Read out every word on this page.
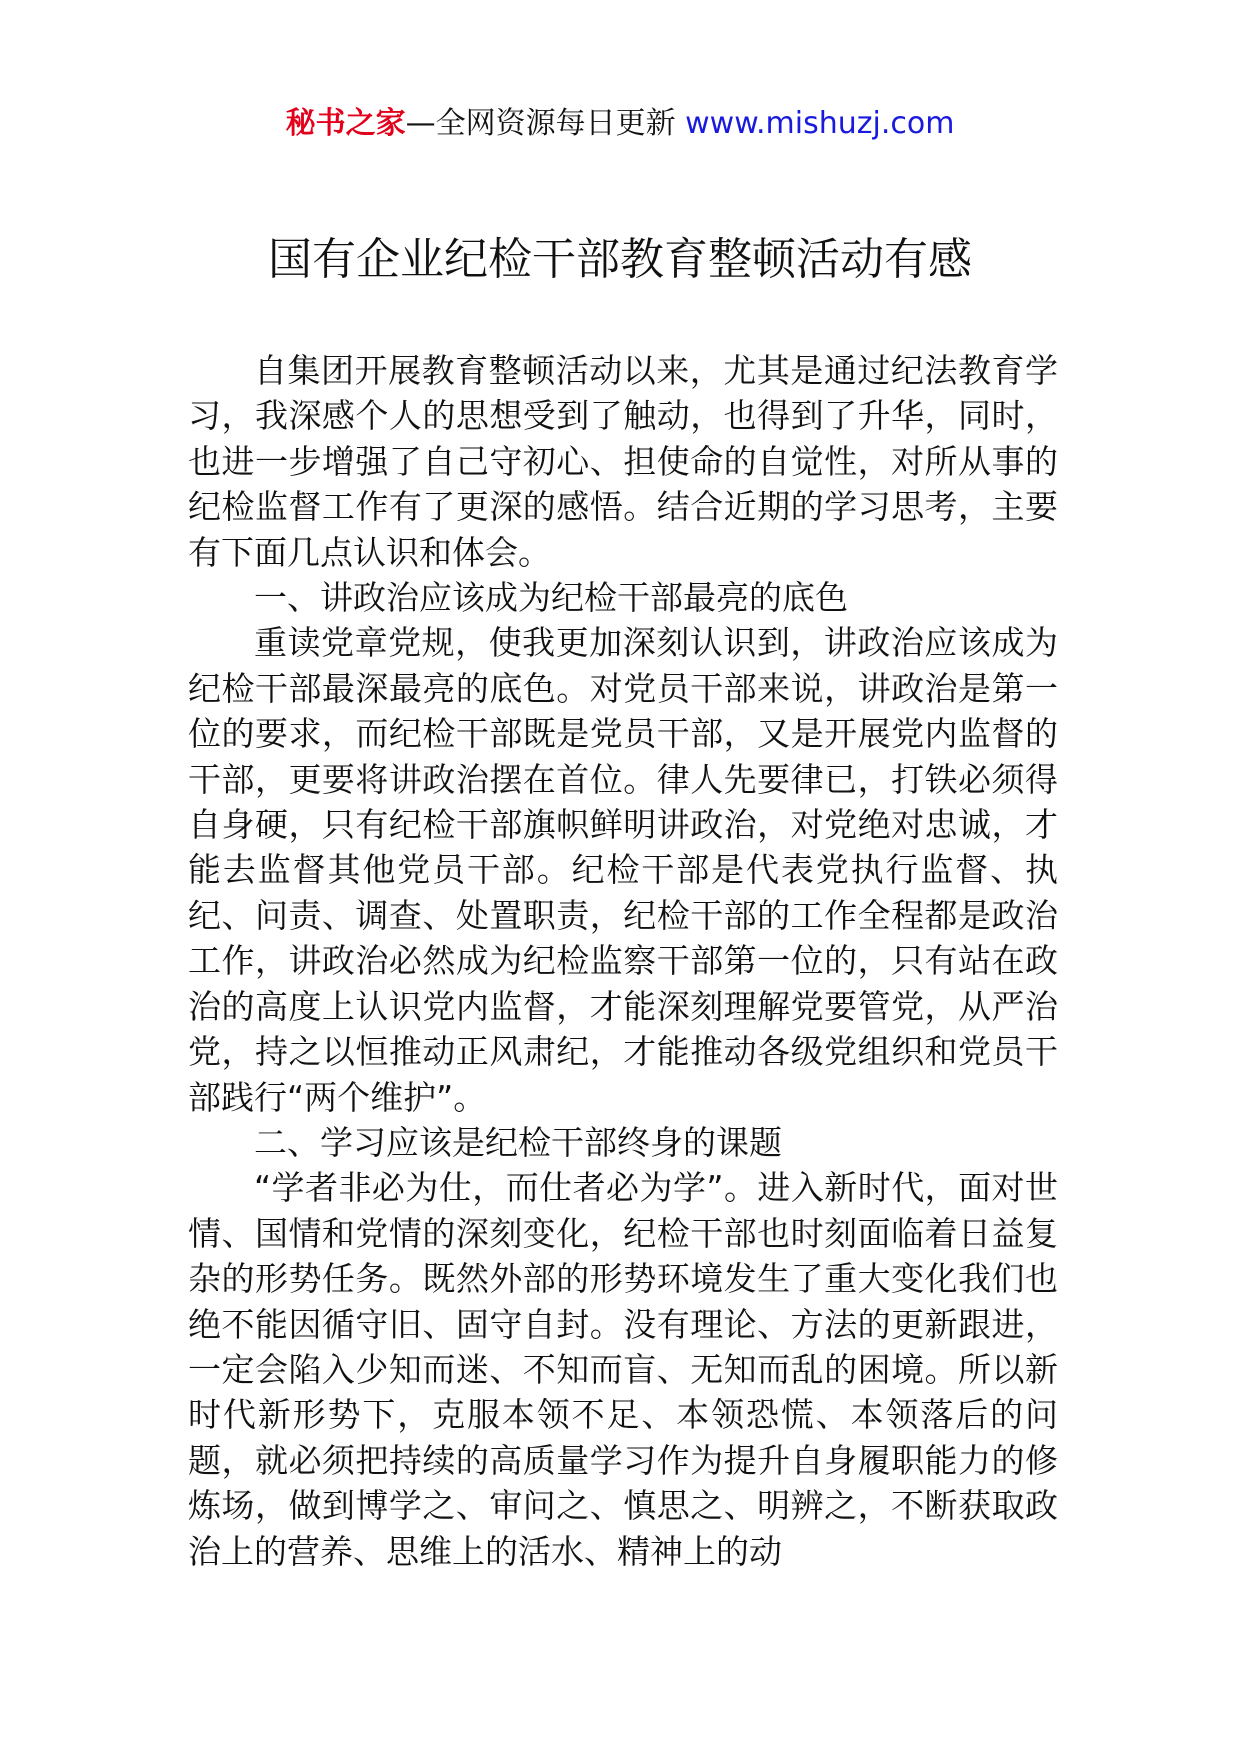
秘书之家—全网资源每日更新 www.mishuzj.com
国有企业纪检干部教育整顿活动有感

自集团开展教育整顿活动以来，尤其是通过纪法教育学习，我深感个人的思想受到了触动，也得到了升华，同时，也进一步增强了自己守初心、担使命的自觉性，对所从事的纪检监督工作有了更深的感悟。结合近期的学习思考，主要有下面几点认识和体会。

一、讲政治应该成为纪检干部最亮的底色

重读党章党规，使我更加深刻认识到，讲政治应该成为纪检干部最深最亮的底色。对党员干部来说，讲政治是第一位的要求，而纪检干部既是党员干部，又是开展党内监督的干部，更要将讲政治摆在首位。律人先要律已，打铁必须得自身硬，只有纪检干部旗帜鲜明讲政治，对党绝对忠诚，才能去监督其他党员干部。纪检干部是代表党执行监督、执纪、问责、调查、处置职责，纪检干部的工作全程都是政治工作，讲政治必然成为纪检监察干部第一位的，只有站在政治的高度上认识党内监督，才能深刻理解党要管党，从严治党，持之以恒推动正风肃纪，才能推动各级党组织和党员干部践行“两个维护”。

二、学习应该是纪检干部终身的课题

“学者非必为仕，而仕者必为学”。进入新时代，面对世情、国情和党情的深刻变化，纪检干部也时刻面临着日益复杂的形势任务。既然外部的形势环境发生了重大变化我们也绝不能因循守旧、固守自封。没有理论、方法的更新跟进，一定会陷入少知而迷、不知而盲、无知而乱的困境。所以新时代新形势下，克服本领不足、本领恐慌、本领落后的问题，就必须把持续的高质量学习作为提升自身履职能力的修炼场，做到博学之、审问之、慎思之、明辨之，不断获取政治上的营养、思维上的活水、精神上的动
